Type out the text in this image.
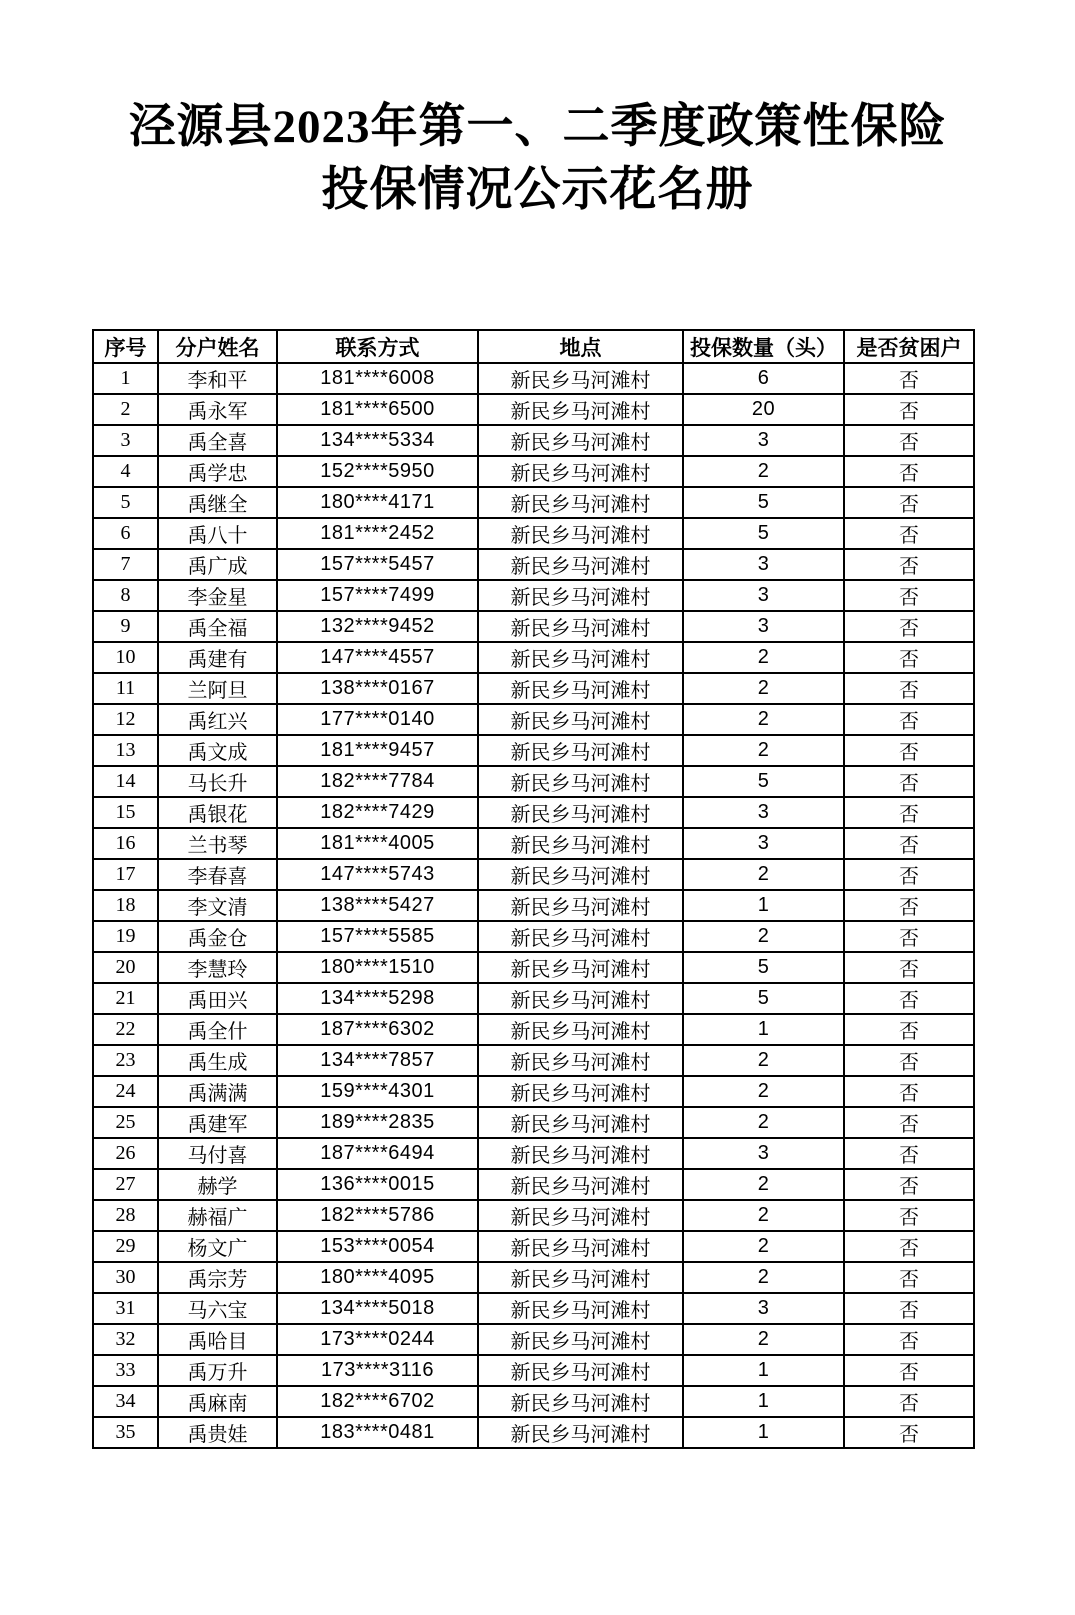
泾源县2023年第一、二季度政策性保险
投保情况公示花名册
序号	分户姓名	联系方式	地点	投保数量（头）	是否贫困户
1	李和平	181****6008	新民乡马河滩村	6	否
2	禹永军	181****6500	新民乡马河滩村	20	否
3	禹全喜	134****5334	新民乡马河滩村	3	否
4	禹学忠	152****5950	新民乡马河滩村	2	否
5	禹继全	180****4171	新民乡马河滩村	5	否
6	禹八十	181****2452	新民乡马河滩村	5	否
7	禹广成	157****5457	新民乡马河滩村	3	否
8	李金星	157****7499	新民乡马河滩村	3	否
9	禹全福	132****9452	新民乡马河滩村	3	否
10	禹建有	147****4557	新民乡马河滩村	2	否
11	兰阿旦	138****0167	新民乡马河滩村	2	否
12	禹红兴	177****0140	新民乡马河滩村	2	否
13	禹文成	181****9457	新民乡马河滩村	2	否
14	马长升	182****7784	新民乡马河滩村	5	否
15	禹银花	182****7429	新民乡马河滩村	3	否
16	兰书琴	181****4005	新民乡马河滩村	3	否
17	李春喜	147****5743	新民乡马河滩村	2	否
18	李文清	138****5427	新民乡马河滩村	1	否
19	禹金仓	157****5585	新民乡马河滩村	2	否
20	李慧玲	180****1510	新民乡马河滩村	5	否
21	禹田兴	134****5298	新民乡马河滩村	5	否
22	禹全什	187****6302	新民乡马河滩村	1	否
23	禹生成	134****7857	新民乡马河滩村	2	否
24	禹满满	159****4301	新民乡马河滩村	2	否
25	禹建军	189****2835	新民乡马河滩村	2	否
26	马付喜	187****6494	新民乡马河滩村	3	否
27	赫学	136****0015	新民乡马河滩村	2	否
28	赫福广	182****5786	新民乡马河滩村	2	否
29	杨文广	153****0054	新民乡马河滩村	2	否
30	禹宗芳	180****4095	新民乡马河滩村	2	否
31	马六宝	134****5018	新民乡马河滩村	3	否
32	禹哈目	173****0244	新民乡马河滩村	2	否
33	禹万升	173****3116	新民乡马河滩村	1	否
34	禹麻南	182****6702	新民乡马河滩村	1	否
35	禹贵娃	183****0481	新民乡马河滩村	1	否
